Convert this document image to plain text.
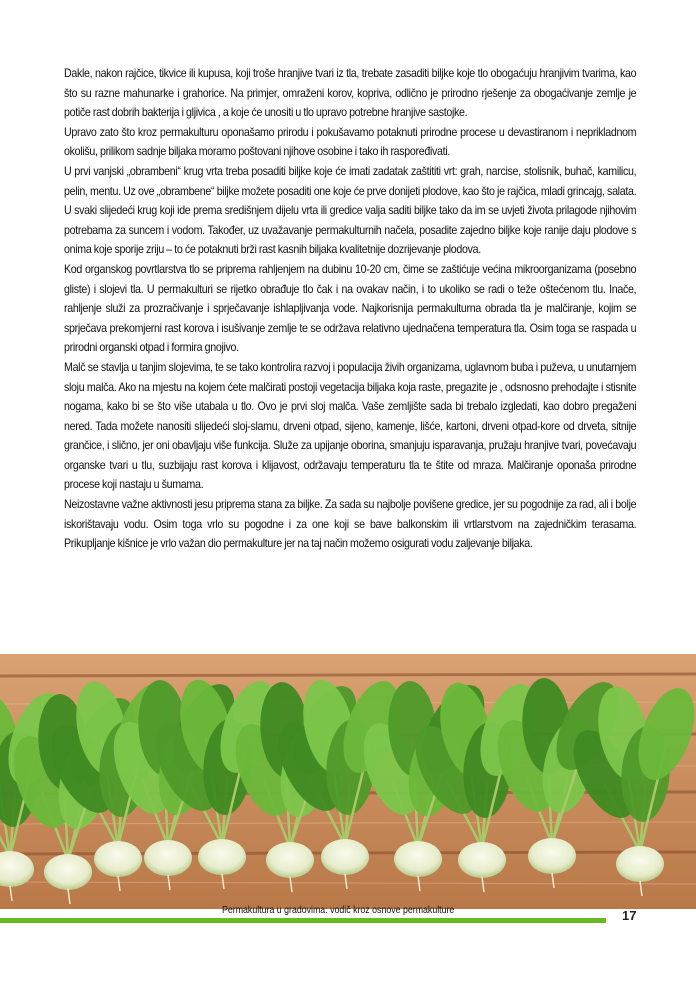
Dakle, nakon rajčice, tikvice ili kupusa, koji troše hranjive tvari iz tla, trebate zasaditi biljke koje tlo obogaćuju hranjivim tvarima, kao što su razne mahunarke i grahorice. Na primjer, omraženi korov, kopriva, odlično je prirodno rješenje za obogaćivanje zemlje je potiče rast dobrih bakterija i gljivica , a koje će unositi u tlo upravo potrebne hranjive sastojke.

Upravo zato što kroz permakulturu oponašamo prirodu i pokušavamo potaknuti prirodne procese u devastiranom i neprikladnom okolišu, prilikom sadnje biljaka moramo poštovani njihove osobine i tako ih raspoređivati.

U prvi vanjski „obrambeni“ krug vrta treba posaditi biljke koje će imati zadatak zaštititi vrt: grah, narcise, stolisnik, buhač, kamilicu, pelin, mentu. Uz ove „obrambene“ biljke možete posaditi one koje će prve donijeti plodove, kao što je rajčica, mladi grincajg, salata. U svaki slijedeći krug koji ide prema središnjem dijelu vrta ili gredice valja saditi biljke tako da im se uvjeti života prilagode njihovim potrebama za suncem i vodom. Također, uz uvažavanje permakulturnih načela, posadite zajedno biljke koje ranije daju plodove s onima koje sporije zriju – to će potaknuti brži rast kasnih biljaka kvalitetnije dozrijevanje plodova.

Kod organskog povrtlarstva tlo se priprema rahljenjem na dubinu 10-20 cm, čime se zaštićuje većina mikroorganizama (posebno gliste) i slojevi tla. U permakulturi se rijetko obrađuje tlo čak i na ovakav način, i to ukoliko se radi o teže oštećenom tlu. Inače, rahljenje služi za prozračivanje i sprječavanje ishlapljivanja vode. Najkorisnija permakulturna obrada tla je malčiranje, kojim se sprječava prekomjerni rast korova i isušivanje zemlje te se održava relativno ujednačena temperatura tla. Osim toga se raspada u prirodni organski otpad i formira gnojivo.

Malč se stavlja u tanjim slojevima, te se tako kontrolira razvoj i populacija živih organizama, uglavnom buba i puževa, u unutarnjem sloju malča. Ako na mjestu na kojem ćete malčirati postoji vegetacija biljaka koja raste, pregazite je , odsnosno prehodajte i stisnite nogama, kako bi se što više utabala u tlo. Ovo je prvi sloj malča. Vaše zemljište sada bi trebalo izgledati, kao dobro pregaženi nered. Tada možete nanositi slijedeći sloj-slamu, drveni otpad, sijeno, kamenje, lišće, kartoni, drveni otpad-kore od drveta, sitnije grančice, i slično, jer oni obavljaju više funkcija. Služe za upijanje oborina, smanjuju isparavanja, pružaju hranjive tvari, povećavaju organske tvari u tlu, suzbijaju rast korova i klijavost, održavaju temperaturu tla te štite od mraza. Malčiranje oponaša prirodne procese koji nastaju u šumama.

Neizostavne važne aktivnosti jesu priprema stana za biljke. Za sada su najbolje povišene gredice, jer su pogodnije za rad, ali i bolje iskorištavaju vodu. Osim toga vrlo su pogodne i za one koji se bave balkonskim ili vrtlarstvom na zajedničkim terasama. Prikupljanje kišnice je vrlo važan dio permakulture jer na taj način možemo osigurati vodu zaljevanje biljaka.

Permakultura u gradovima: vodič kroz osnove permakulture	17
